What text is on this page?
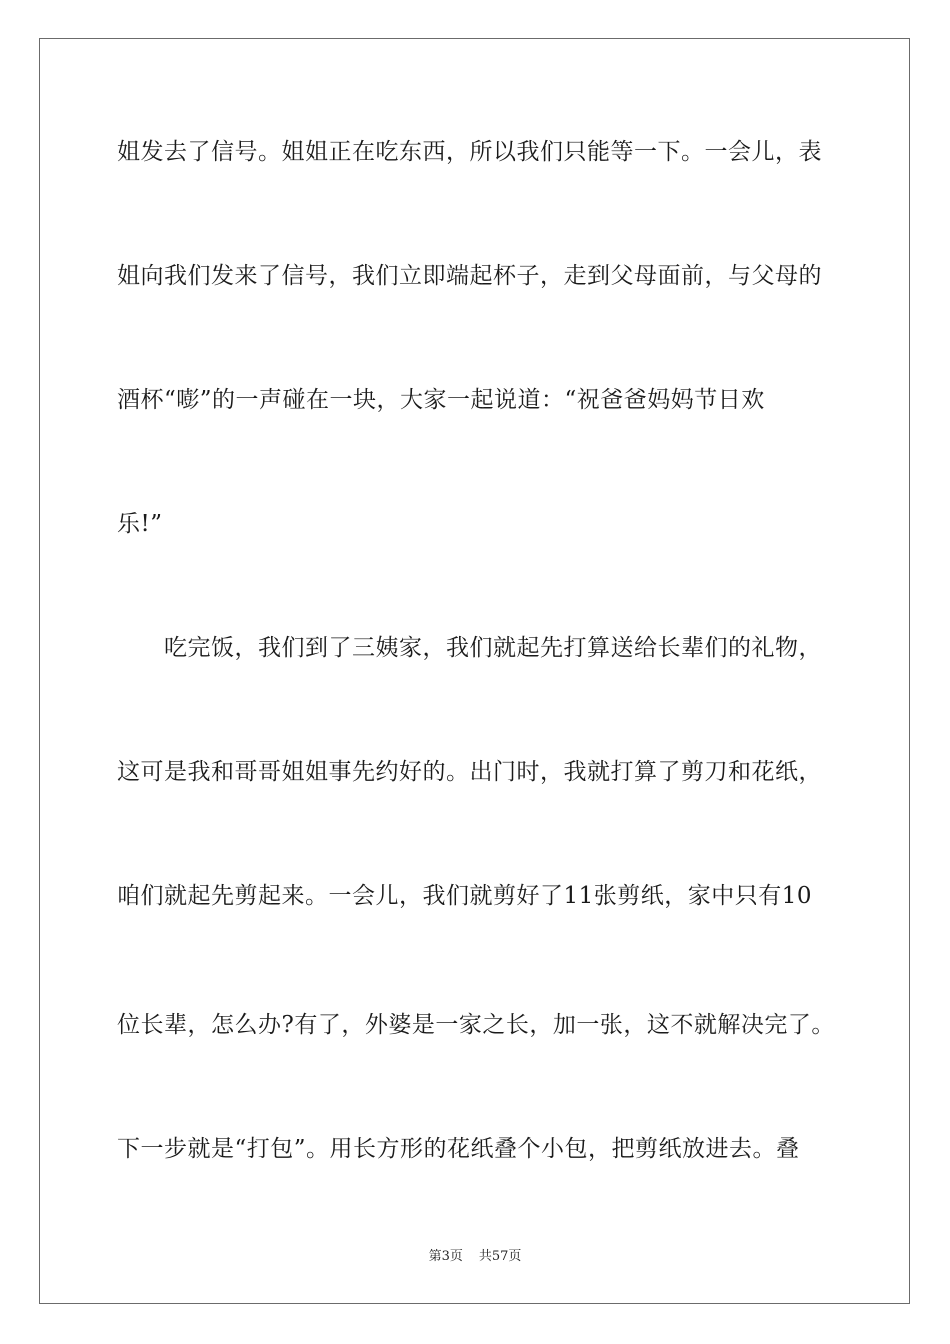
姐发去了信号。姐姐正在吃东西，所以我们只能等一下。一会儿，表
姐向我们发来了信号，我们立即端起杯子，走到父母面前，与父母的
酒杯“嘭”的一声碰在一块，大家一起说道：“祝爸爸妈妈节日欢
乐!”
吃完饭，我们到了三姨家，我们就起先打算送给长辈们的礼物，
这可是我和哥哥姐姐事先约好的。出门时，我就打算了剪刀和花纸，
咱们就起先剪起来。一会儿，我们就剪好了11张剪纸，家中只有10
位长辈，怎么办?有了，外婆是一家之长，加一张，这不就解决完了。
下一步就是“打包”。用长方形的花纸叠个小包，把剪纸放进去。叠
第3页 共57页
